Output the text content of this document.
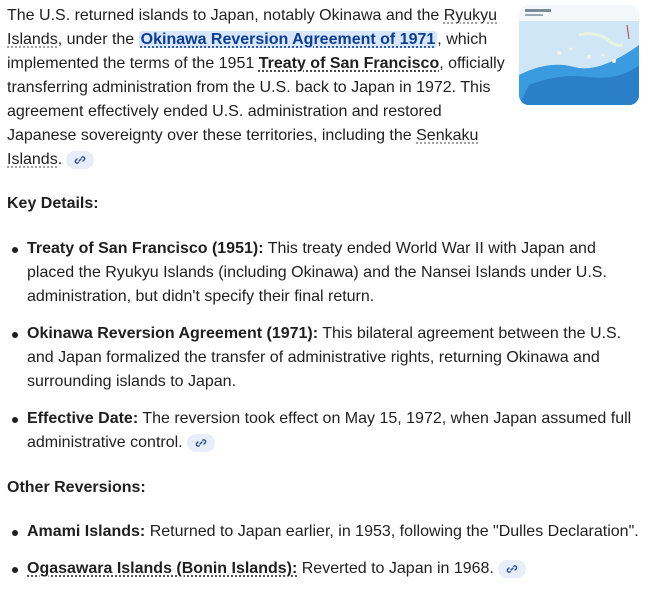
The U.S. returned islands to Japan, notably Okinawa and the Ryukyu Islands, under the Okinawa Reversion Agreement of 1971 , which implemented the terms of the 1951 Treaty of San Francisco, officially transferring administration from the U.S. back to Japan in 1972. This agreement effectively ended U.S. administration and restored Japanese sovereignty over these territories, including the Senkaku Islands.

Key Details:
Treaty of San Francisco (1951): This treaty ended World War II with Japan and placed the Ryukyu Islands (including Okinawa) and the Nansei Islands under U.S. administration, but didn't specify their final return.
Okinawa Reversion Agreement (1971): This bilateral agreement between the U.S. and Japan formalized the transfer of administrative rights, returning Okinawa and surrounding islands to Japan.
Effective Date: The reversion took effect on May 15, 1972, when Japan assumed full administrative control.
Other Reversions:
Amami Islands: Returned to Japan earlier, in 1953, following the "Dulles Declaration".
Ogasawara Islands (Bonin Islands): Reverted to Japan in 1968.
